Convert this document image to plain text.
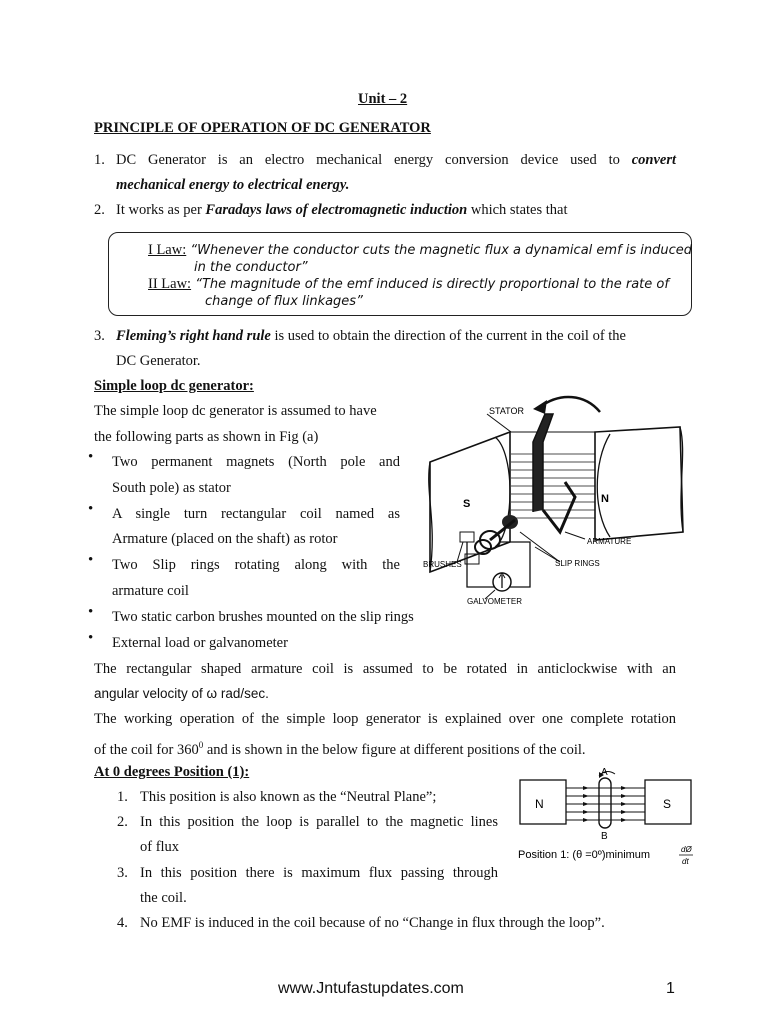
Unit – 2
PRINCIPLE OF OPERATION OF DC GENERATOR
1. DC Generator is an electro mechanical energy conversion device used to convert
mechanical energy to electrical energy.
2. It works as per Faradays laws of electromagnetic induction which states that
I Law: “Whenever the conductor cuts the magnetic flux a dynamical emf is induced
in the conductor”
II Law: “The magnitude of the emf induced is directly proportional to the rate of
change of flux linkages”
3. Fleming’s right hand rule is used to obtain the direction of the current in the coil of the
DC Generator.
Simple loop dc generator:
The simple loop dc generator is assumed to have
the following parts as shown in Fig (a)
• Two permanent magnets (North pole and
South pole) as stator
• A single turn rectangular coil named as
Armature (placed on the shaft) as rotor
• Two Slip rings rotating along with the
armature coil
• Two static carbon brushes mounted on the slip rings
• External load or galvanometer
The rectangular shaped armature coil is assumed to be rotated in anticlockwise with an
angular velocity of ω rad/sec.
The working operation of the simple loop generator is explained over one complete rotation
of the coil for $360^0$ and is shown in the below figure at different positions of the coil.
STATOR
S	N
ARMATURE
BRUSHES	SLIP RINGS
GALVOMETER
At 0 degrees Position (1):
1. This position is also known as the “Neutral Plane”;
2. In this position the loop is parallel to the magnetic lines
of flux
3. In this position there is maximum flux passing through
the coil.
4. No EMF is induced in the coil because of no “Change in flux through the loop”.
N	S
A
B
Position 1: (θ =0º)minimum	dØ
dt
www.Jntufastupdates.com	1
